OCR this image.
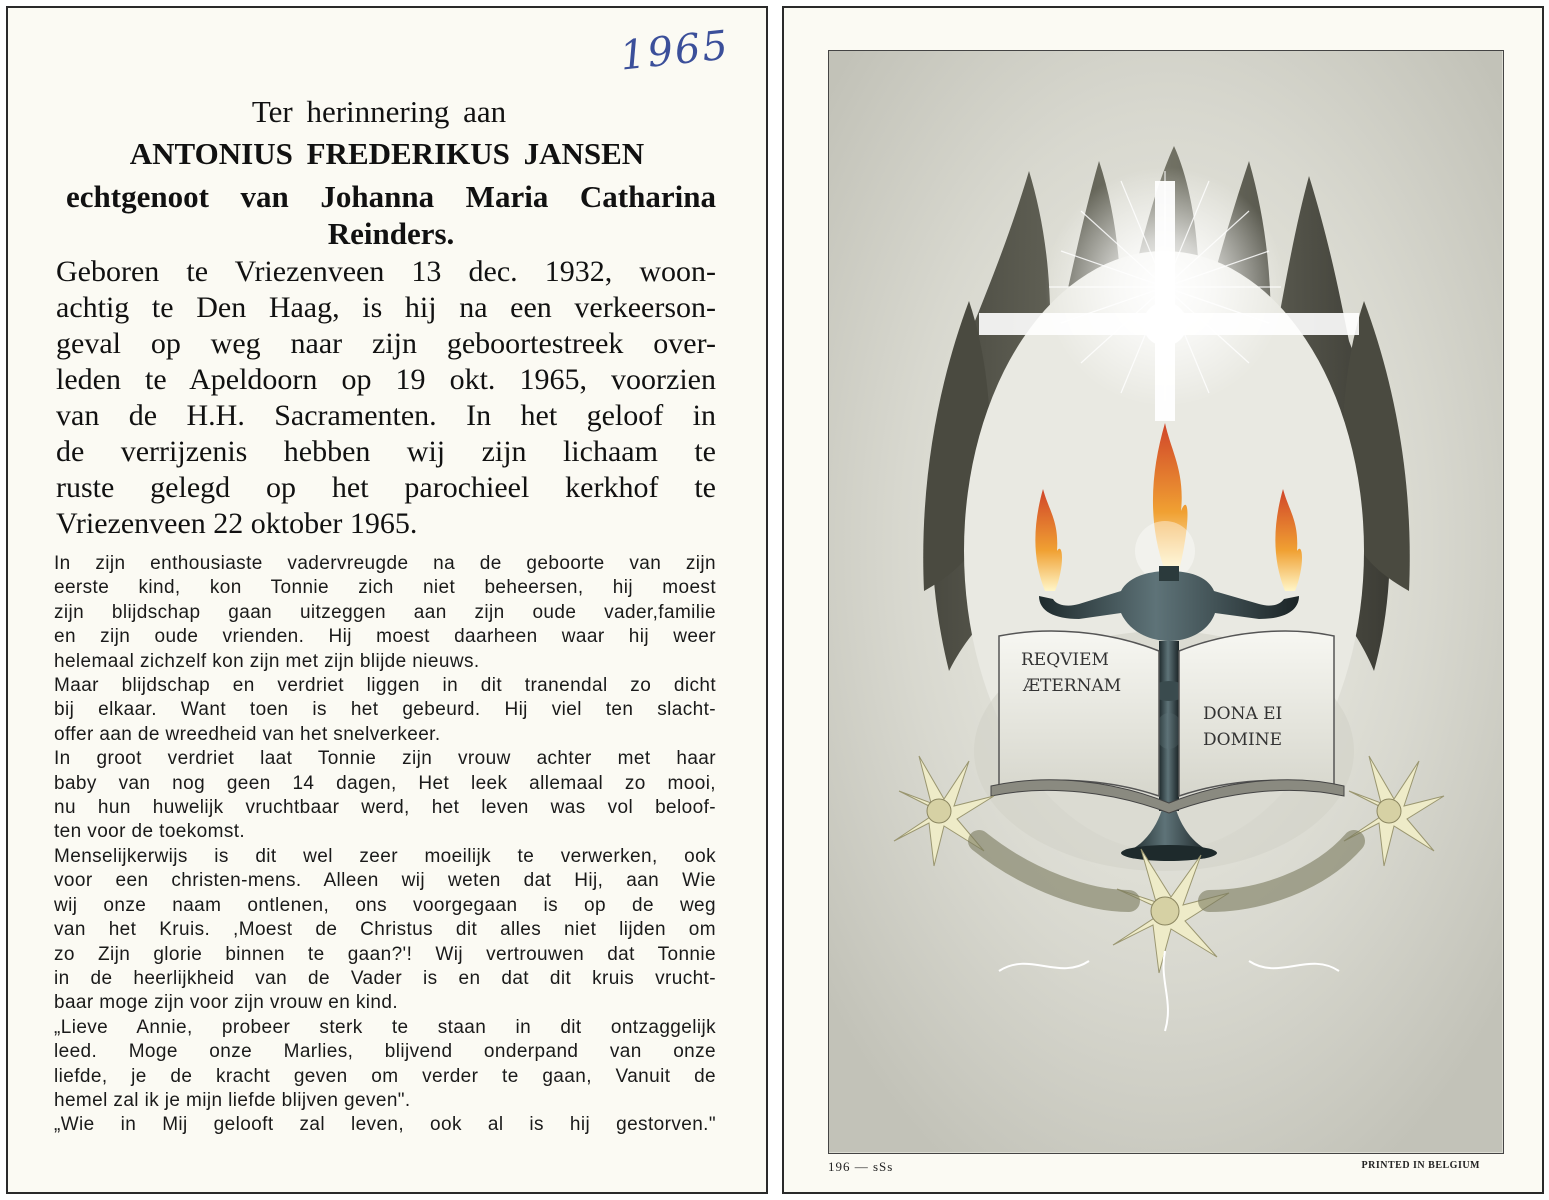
1965
Ter herinnering aan
ANTONIUS FREDERIKUS JANSEN
echtgenoot van Johanna Maria Catharina
Reinders.
Geboren te Vriezenveen 13 dec. 1932, woon-
achtig te Den Haag, is hij na een verkeerson-
geval op weg naar zijn geboortestreek over-
leden te Apeldoorn op 19 okt. 1965, voorzien
van de H.H. Sacramenten. In het geloof in
de verrijzenis hebben wij zijn lichaam te
ruste gelegd op het parochieel kerkhof te
Vriezenveen 22 oktober 1965.
In zijn enthousiaste vadervreugde na de geboorte van zijn
eerste kind, kon Tonnie zich niet beheersen, hij moest
zijn blijdschap gaan uitzeggen aan zijn oude vader,familie
en zijn oude vrienden. Hij moest daarheen waar hij weer
helemaal zichzelf kon zijn met zijn blijde nieuws.
Maar blijdschap en verdriet liggen in dit tranendal zo dicht
bij elkaar. Want toen is het gebeurd. Hij viel ten slacht-
offer aan de wreedheid van het snelverkeer.
In groot verdriet laat Tonnie zijn vrouw achter met haar
baby van nog geen 14 dagen, Het leek allemaal zo mooi,
nu hun huwelijk vruchtbaar werd, het leven was vol beloof-
ten voor de toekomst.
Menselijkerwijs is dit wel zeer moeilijk te verwerken, ook
voor een christen-mens. Alleen wij weten dat Hij, aan Wie
wij onze naam ontlenen, ons voorgegaan is op de weg
van het Kruis. ,Moest de Christus dit alles niet lijden om
zo Zijn glorie binnen te gaan?'! Wij vertrouwen dat Tonnie
in de heerlijkheid van de Vader is en dat dit kruis vrucht-
baar moge zijn voor zijn vrouw en kind.
„Lieve Annie, probeer sterk te staan in dit ontzaggelijk
leed. Moge onze Marlies, blijvend onderpand van onze
liefde, je de kracht geven om verder te gaan, Vanuit de
hemel zal ik je mijn liefde blijven geven".
„Wie in Mij gelooft zal leven, ook al is hij gestorven."
REQVIEM
ÆTERNAM
DONA EI
DOMINE
196 — sSs	PRINTED IN BELGIUM
